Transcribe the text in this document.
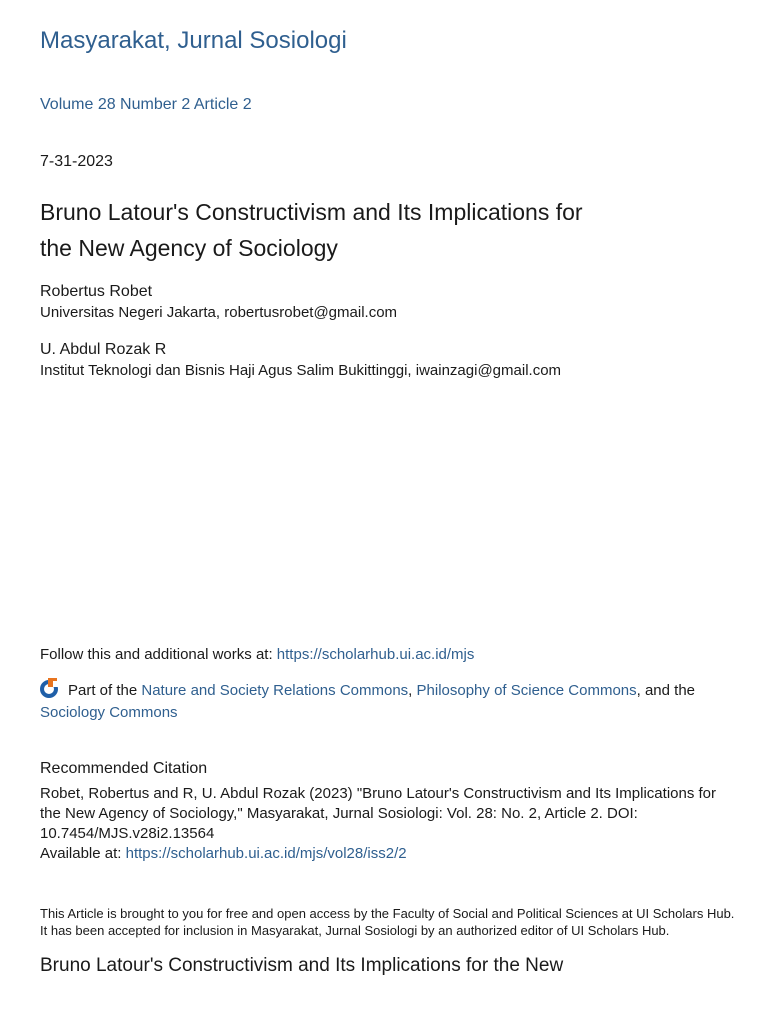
Masyarakat, Jurnal Sosiologi
Volume 28 Number 2 Article 2
7-31-2023
Bruno Latour's Constructivism and Its Implications for
the New Agency of Sociology
Robertus Robet
Universitas Negeri Jakarta, robertusrobet@gmail.com
U. Abdul Rozak R
Institut Teknologi dan Bisnis Haji Agus Salim Bukittinggi, iwainzagi@gmail.com
Follow this and additional works at: https://scholarhub.ui.ac.id/mjs
Part of the Nature and Society Relations Commons, Philosophy of Science Commons, and the Sociology Commons
Recommended Citation
Robet, Robertus and R, U. Abdul Rozak (2023) "Bruno Latour's Constructivism and Its Implications for the New Agency of Sociology," Masyarakat, Jurnal Sosiologi: Vol. 28: No. 2, Article 2. DOI: 10.7454/MJS.v28i2.13564
Available at: https://scholarhub.ui.ac.id/mjs/vol28/iss2/2
This Article is brought to you for free and open access by the Faculty of Social and Political Sciences at UI Scholars Hub. It has been accepted for inclusion in Masyarakat, Jurnal Sosiologi by an authorized editor of UI Scholars Hub.
Bruno Latour's Constructivism and Its Implications for the New
